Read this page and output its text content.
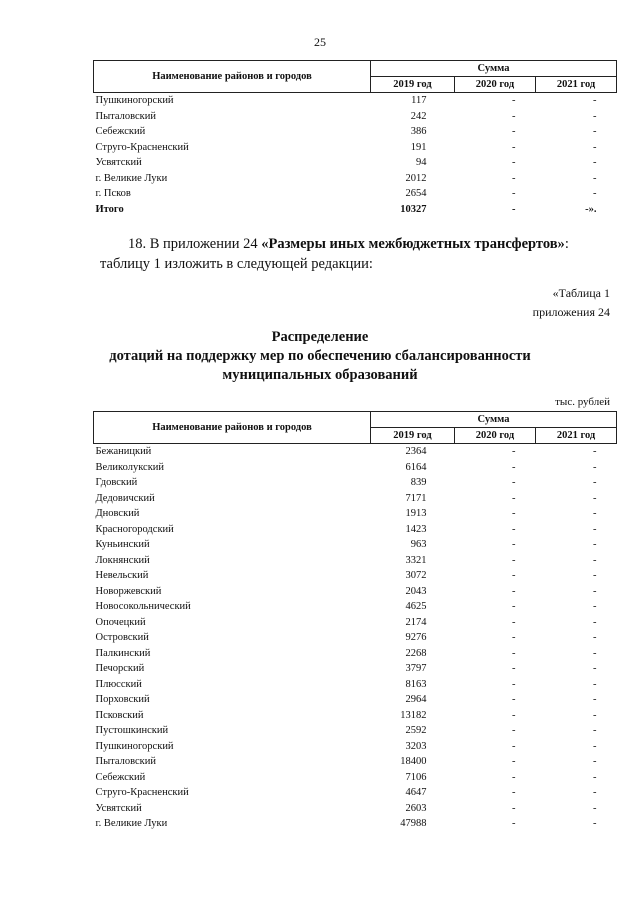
25
Наименование районов и городов	Сумма		
	2019 год	2020 год	2021 год
Пушкиногорский	117	-	-
Пыталовский	242	-	-
Себежский	386	-	-
Струго-Красненский	191	-	-
Усвятский	94	-	-
г. Великие Луки	2012	-	-
г. Псков	2654	-	-
Итого	10327	-	-».
18. В приложении 24 «Размеры иных межбюджетных трансфертов»:
таблицу 1 изложить в следующей редакции:
«Таблица 1
приложения 24
Распределение
дотаций на поддержку мер по обеспечению сбалансированности
муниципальных образований
тыс. рублей
Наименование районов и городов	Сумма		
	2019 год	2020 год	2021 год
Бежаницкий	2364	-	-
Великолукский	6164	-	-
Гдовский	839	-	-
Дедовичский	7171	-	-
Дновский	1913	-	-
Красногородский	1423	-	-
Куньинский	963	-	-
Локнянский	3321	-	-
Невельский	3072	-	-
Новоржевский	2043	-	-
Новосокольнический	4625	-	-
Опочецкий	2174	-	-
Островский	9276	-	-
Палкинский	2268	-	-
Печорский	3797	-	-
Плюсский	8163	-	-
Порховский	2964	-	-
Псковский	13182	-	-
Пустошкинский	2592	-	-
Пушкиногорский	3203	-	-
Пыталовский	18400	-	-
Себежский	7106	-	-
Струго-Красненский	4647	-	-
Усвятский	2603	-	-
г. Великие Луки	47988	-	-
